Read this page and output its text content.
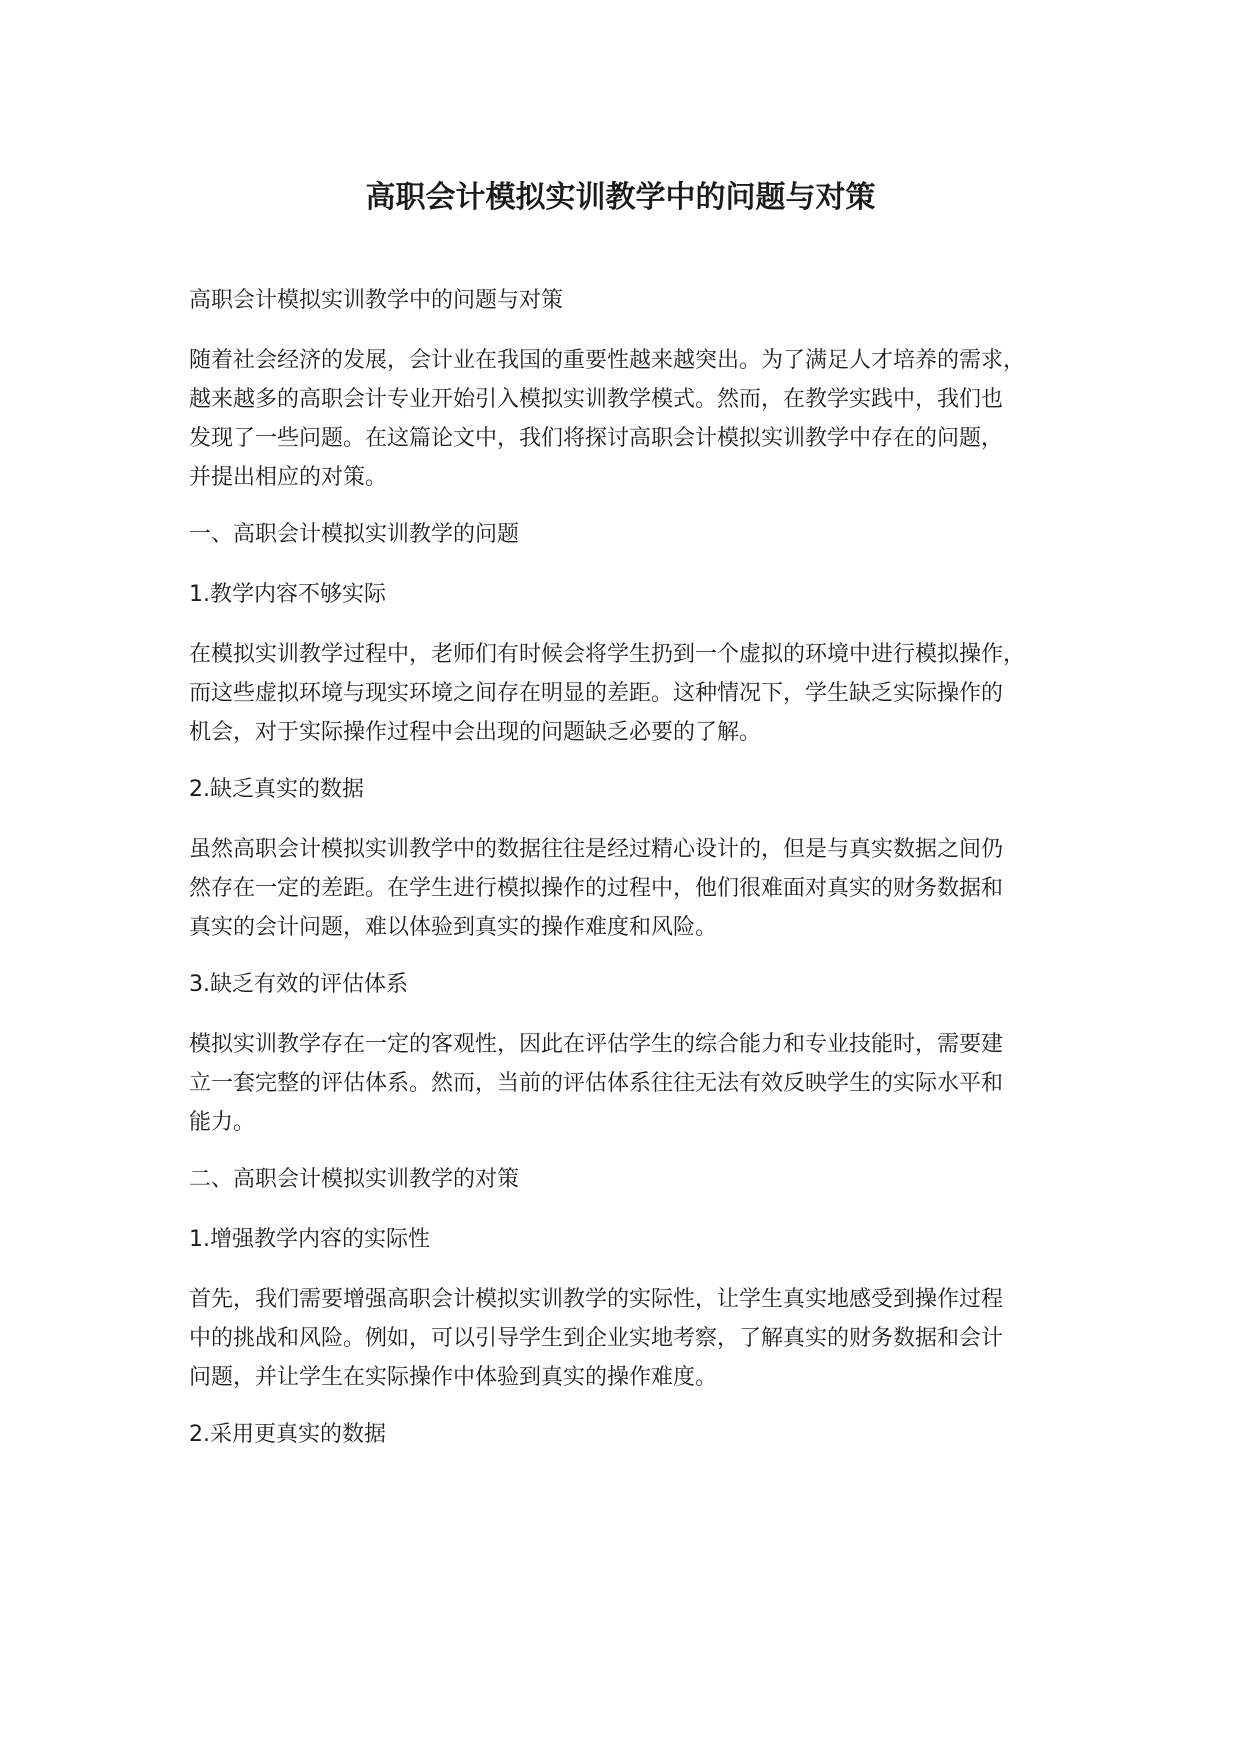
高职会计模拟实训教学中的问题与对策
高职会计模拟实训教学中的问题与对策
随着社会经济的发展，会计业在我国的重要性越来越突出。为了满足人才培养的需求，
越来越多的高职会计专业开始引入模拟实训教学模式。然而，在教学实践中，我们也
发现了一些问题。在这篇论文中，我们将探讨高职会计模拟实训教学中存在的问题，
并提出相应的对策。
一、高职会计模拟实训教学的问题
1.教学内容不够实际
在模拟实训教学过程中，老师们有时候会将学生扔到一个虚拟的环境中进行模拟操作，
而这些虚拟环境与现实环境之间存在明显的差距。这种情况下，学生缺乏实际操作的
机会，对于实际操作过程中会出现的问题缺乏必要的了解。
2.缺乏真实的数据
虽然高职会计模拟实训教学中的数据往往是经过精心设计的，但是与真实数据之间仍
然存在一定的差距。在学生进行模拟操作的过程中，他们很难面对真实的财务数据和
真实的会计问题，难以体验到真实的操作难度和风险。
3.缺乏有效的评估体系
模拟实训教学存在一定的客观性，因此在评估学生的综合能力和专业技能时，需要建
立一套完整的评估体系。然而，当前的评估体系往往无法有效反映学生的实际水平和
能力。
二、高职会计模拟实训教学的对策
1.增强教学内容的实际性
首先，我们需要增强高职会计模拟实训教学的实际性，让学生真实地感受到操作过程
中的挑战和风险。例如，可以引导学生到企业实地考察，了解真实的财务数据和会计
问题，并让学生在实际操作中体验到真实的操作难度。
2.采用更真实的数据
